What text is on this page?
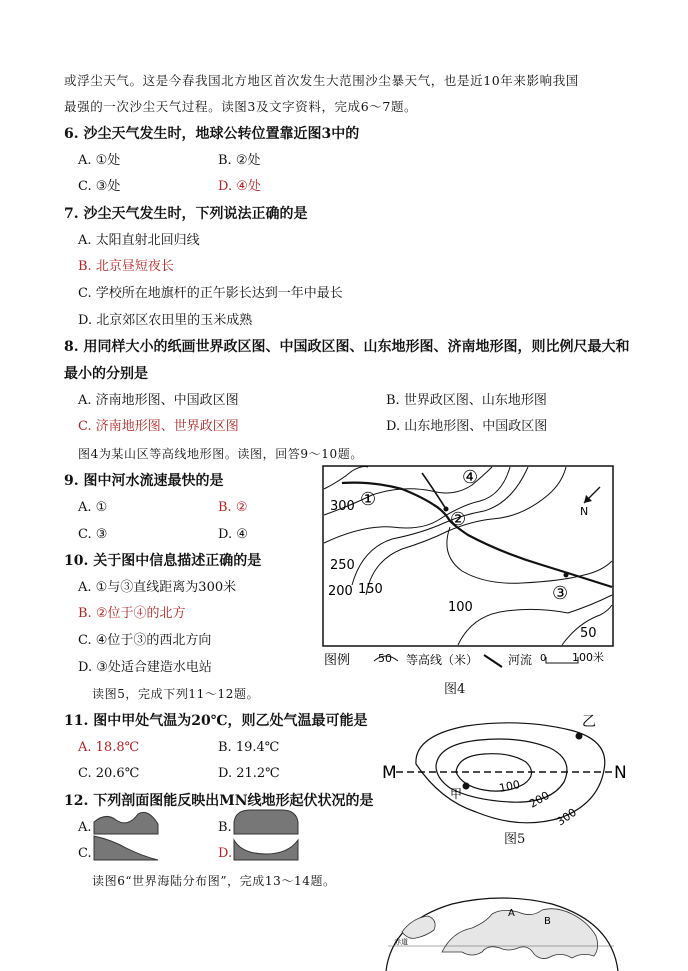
或浮尘天气。这是今春我国北方地区首次发生大范围沙尘暴天气，也是近10年来影响我国
最强的一次沙尘天气过程。读图3及文字资料，完成6～7题。
6. 沙尘天气发生时，地球公转位置靠近图3中的
A. ①处	B. ②处
C. ③处	D. ④处
7. 沙尘天气发生时，下列说法正确的是
A. 太阳直射北回归线
B. 北京昼短夜长
C. 学校所在地旗杆的正午影长达到一年中最长
D. 北京郊区农田里的玉米成熟
8. 用同样大小的纸画世界政区图、中国政区图、山东地形图、济南地形图，则比例尺最大和
最小的分别是
A. 济南地形图、中国政区图	B. 世界政区图、山东地形图
C. 济南地形图、世界政区图	D. 山东地形图、中国政区图
图4为某山区等高线地形图。读图，回答9～10题。
9. 图中河水流速最快的是
A. ①	B. ②
C. ③	D. ④
10. 关于图中信息描述正确的是
A. ①与③直线距离为300米
B. ②位于④的北方
C. ④位于③的西北方向
D. ③处适合建造水电站
读图5，完成下列11～12题。
11. 图中甲处气温为20℃，则乙处气温最可能是
A. 18.8℃	B. 19.4℃
C. 20.6℃	D. 21.2℃
12. 下列剖面图能反映出MN线地形起伏状况的是
A.	B.
C.	D.
读图6“世界海陆分布图”，完成13～14题。
300
250
200 150
100
50
①
②
③
④
N
图例	50 等高线（米） 河流 0 100米
图4
M	N
乙
甲	100
200
300
图5
A
B
赤道
